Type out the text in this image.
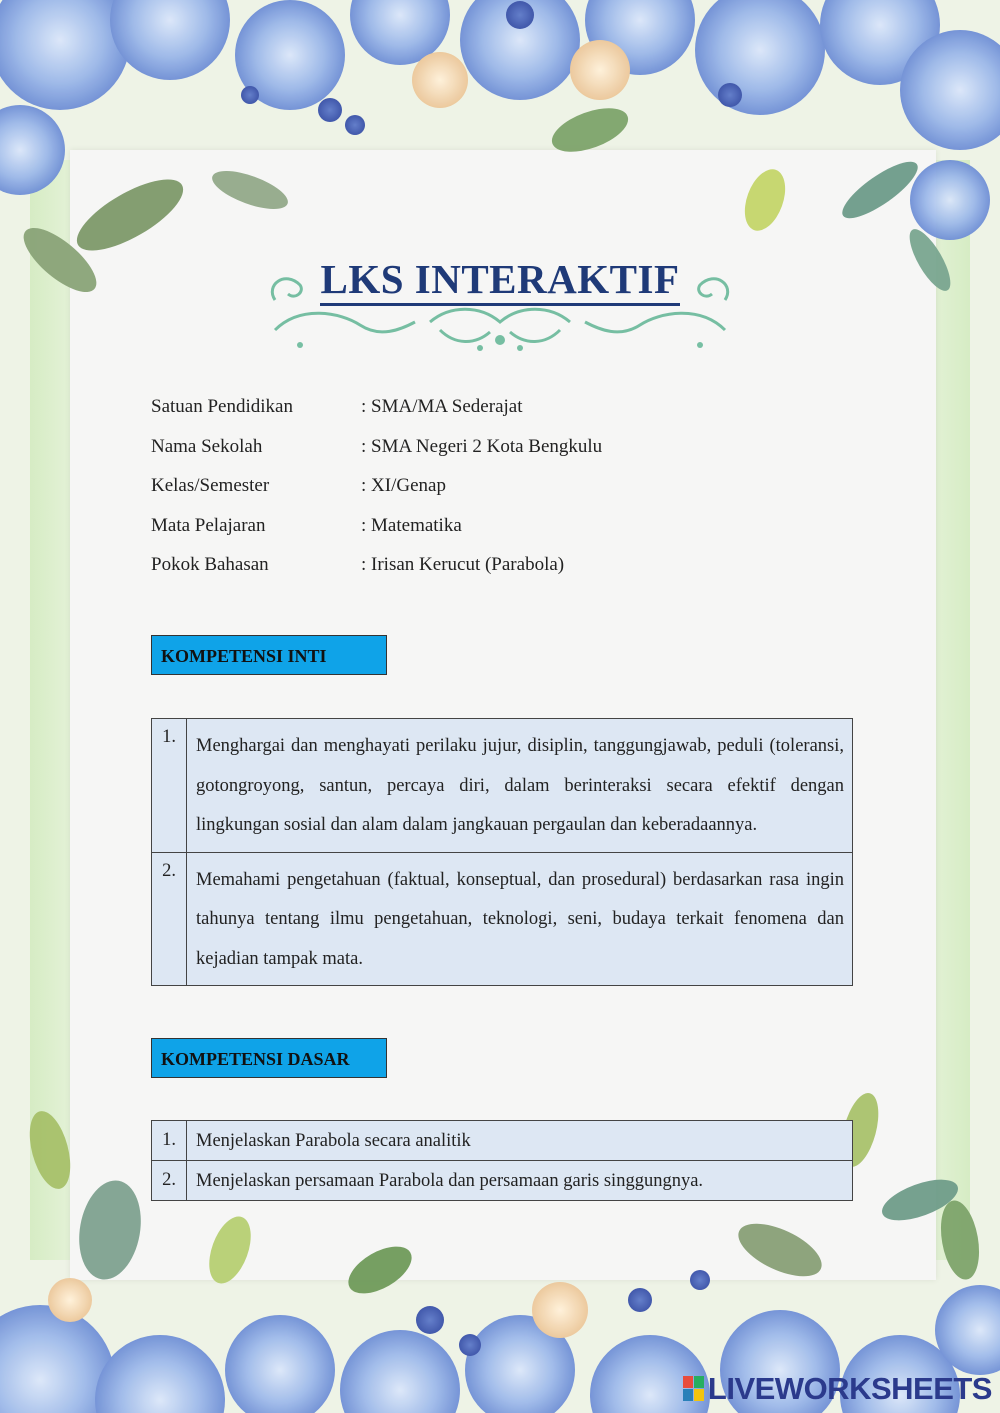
LKS INTERAKTIF
Satuan Pendidikan	: SMA/MA Sederajat
Nama Sekolah	: SMA Negeri 2 Kota Bengkulu
Kelas/Semester	: XI/Genap
Mata Pelajaran	: Matematika
Pokok Bahasan	: Irisan Kerucut (Parabola)
KOMPETENSI INTI
1.	Menghargai dan menghayati perilaku jujur, disiplin, tanggungjawab, peduli (toleransi, gotongroyong, santun, percaya diri, dalam berinteraksi secara efektif dengan lingkungan sosial dan alam dalam jangkauan pergaulan dan keberadaannya.
2.	Memahami pengetahuan (faktual, konseptual, dan prosedural) berdasarkan rasa ingin tahunya tentang ilmu pengetahuan, teknologi, seni, budaya terkait fenomena dan kejadian tampak mata.
KOMPETENSI DASAR
1.	Menjelaskan Parabola secara analitik
2.	Menjelaskan persamaan Parabola dan persamaan garis singgungnya.
LIVEWORKSHEETS
